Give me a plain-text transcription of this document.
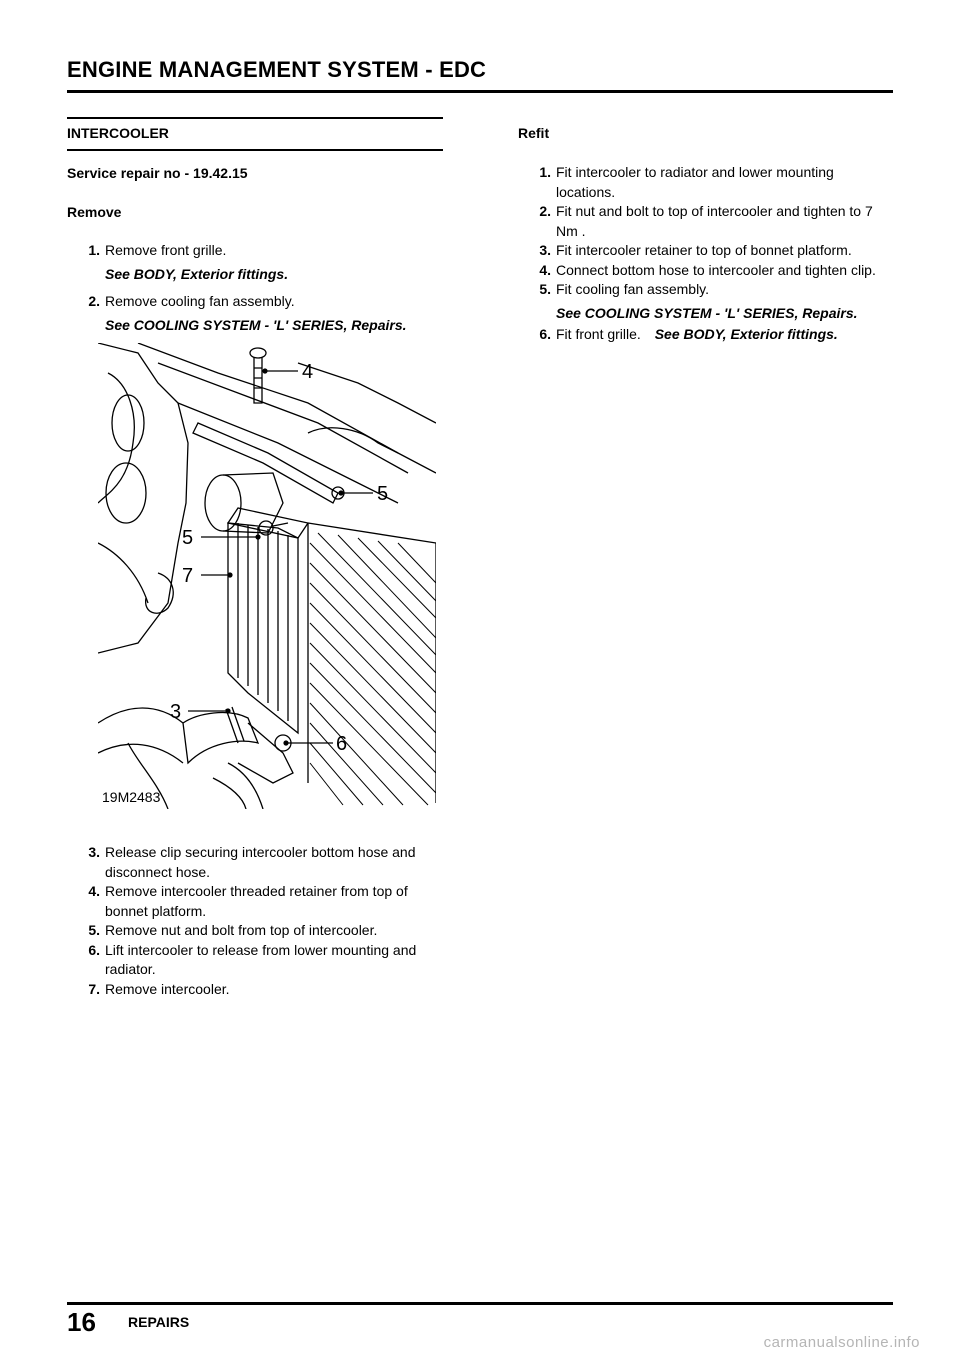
ENGINE MANAGEMENT SYSTEM - EDC
INTERCOOLER
Service repair no - 19.42.15
Remove
1. Remove front grille.
See BODY, Exterior fittings.
2. Remove cooling fan assembly.
See COOLING SYSTEM - 'L' SERIES, Repairs.
4
5
5
7
3
6
19M2483
3. Release clip securing intercooler bottom hose and disconnect hose.
4. Remove intercooler threaded retainer from top of bonnet platform.
5. Remove nut and bolt from top of intercooler.
6. Lift intercooler to release from lower mounting and radiator.
7. Remove intercooler.
Refit
1. Fit intercooler to radiator and lower mounting locations.
2. Fit nut and bolt to top of intercooler and tighten to 7 Nm .
3. Fit intercooler retainer to top of bonnet platform.
4. Connect bottom hose to intercooler and tighten clip.
5. Fit cooling fan assembly.
See COOLING SYSTEM - 'L' SERIES, Repairs.
6. Fit front grille. See BODY, Exterior fittings.
16 REPAIRS
carmanualsonline.info
